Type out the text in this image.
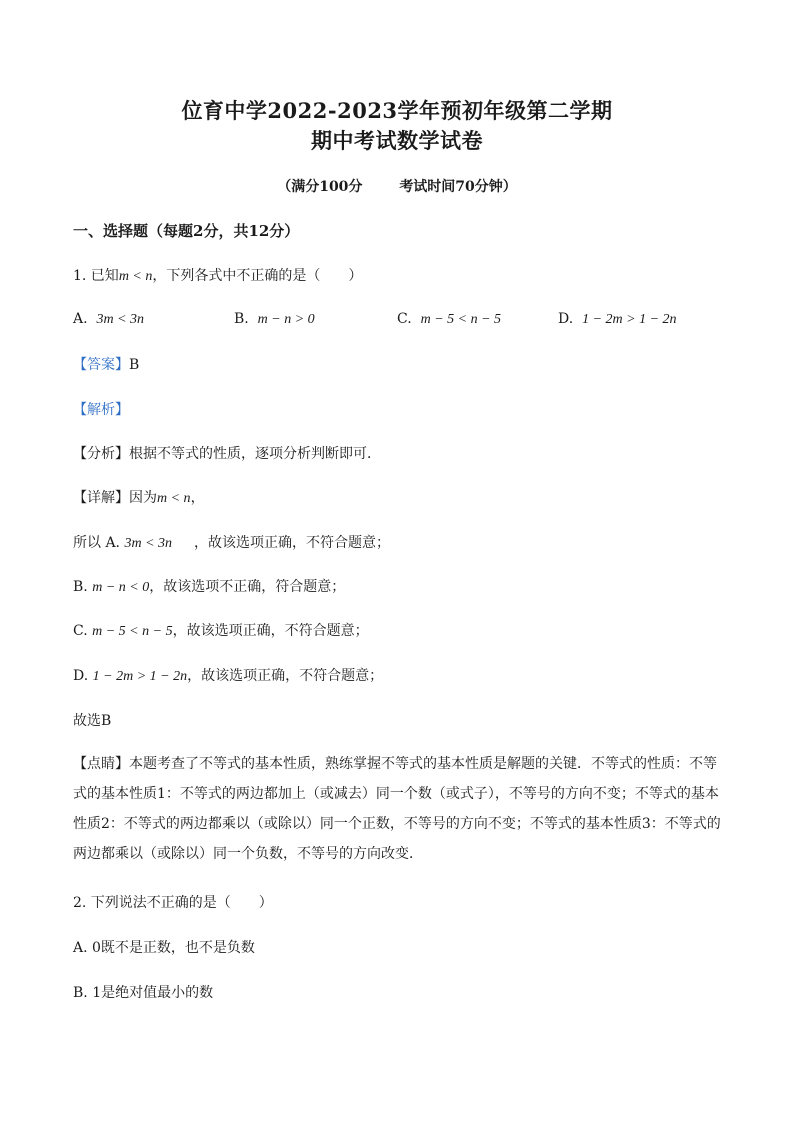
位育中学2022-2023学年预初年级第二学期
期中考试数学试卷
（满分100分	考试时间70分钟）
一、选择题（每题2分，共12分）
1. 已知m < n，下列各式中不正确的是（　　）
A. 3m < 3n	B. m − n > 0	C. m − 5 < n − 5	D. 1 − 2m > 1 − 2n
【答案】B
【解析】
【分析】根据不等式的性质，逐项分析判断即可．
【详解】因为m < n，
所以 A. 3m < 3n ，故该选项正确，不符合题意；
B. m − n < 0，故该选项不正确，符合题意；
C. m − 5 < n − 5，故该选项正确，不符合题意；
D. 1 − 2m > 1 − 2n，故该选项正确，不符合题意；
故选B
【点睛】本题考查了不等式的基本性质，熟练掌握不等式的基本性质是解题的关键．不等式的性质：不等式的基本性质1：不等式的两边都加上（或减去）同一个数（或式子），不等号的方向不变；不等式的基本性质2：不等式的两边都乘以（或除以）同一个正数，不等号的方向不变；不等式的基本性质3：不等式的两边都乘以（或除以）同一个负数，不等号的方向改变．
2. 下列说法不正确的是（　　）
A. 0既不是正数，也不是负数
B. 1是绝对值最小的数
